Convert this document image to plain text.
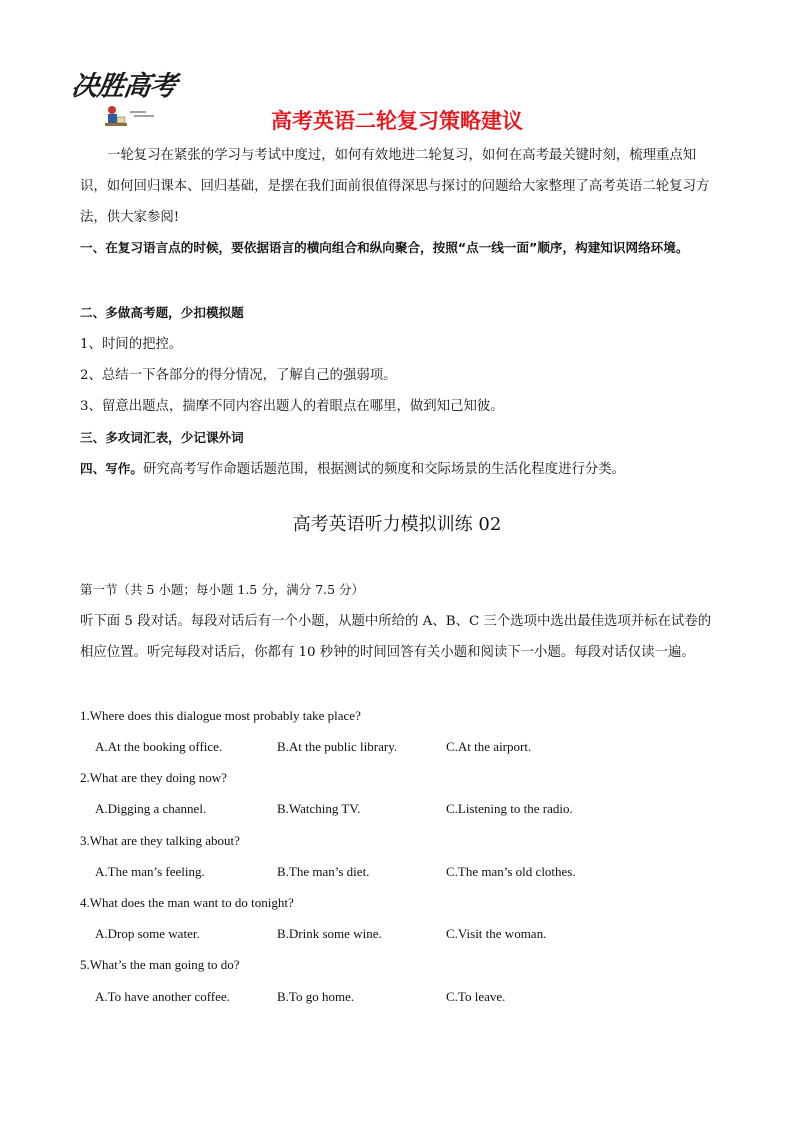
决胜高考
高考英语二轮复习策略建议
一轮复习在紧张的学习与考试中度过，如何有效地进二轮复习，如何在高考最关键时刻，梳理重点知识，如何回归课本、回归基础，是摆在我们面前很值得深思与探讨的问题给大家整理了高考英语二轮复习方法，供大家参阅!
一、在复习语言点的时候，要依据语言的横向组合和纵向聚合，按照“点一线一面”顺序，构建知识网络环境。
二、多做高考题，少扣模拟题
1、时间的把控。
2、总结一下各部分的得分情况，了解自己的强弱项。
3、留意出题点，揣摩不同内容出题人的着眼点在哪里，做到知己知彼。
三、多攻词汇表，少记课外词
四、写作。研究高考写作命题话题范围，根据测试的频度和交际场景的生活化程度进行分类。
高考英语听力模拟训练 02
第一节（共 5 小题；每小题 1.5 分，满分 7.5 分）
听下面 5 段对话。每段对话后有一个小题，从题中所给的 A、B、C 三个选项中选出最佳选项并标在试卷的相应位置。听完每段对话后，你都有 10 秒钟的时间回答有关小题和阅读下一小题。每段对话仅读一遍。
1.Where does this dialogue most probably take place?
A.At the booking office.	B.At the public library.	C.At the airport.
2.What are they doing now?
A.Digging a channel.	B.Watching TV.	C.Listening to the radio.
3.What are they talking about?
A.The man’s feeling.	B.The man’s diet.	C.The man’s old clothes.
4.What does the man want to do tonight?
A.Drop some water.	B.Drink some wine.	C.Visit the woman.
5.What’s the man going to do?
A.To have another coffee.	B.To go home.	C.To leave.
